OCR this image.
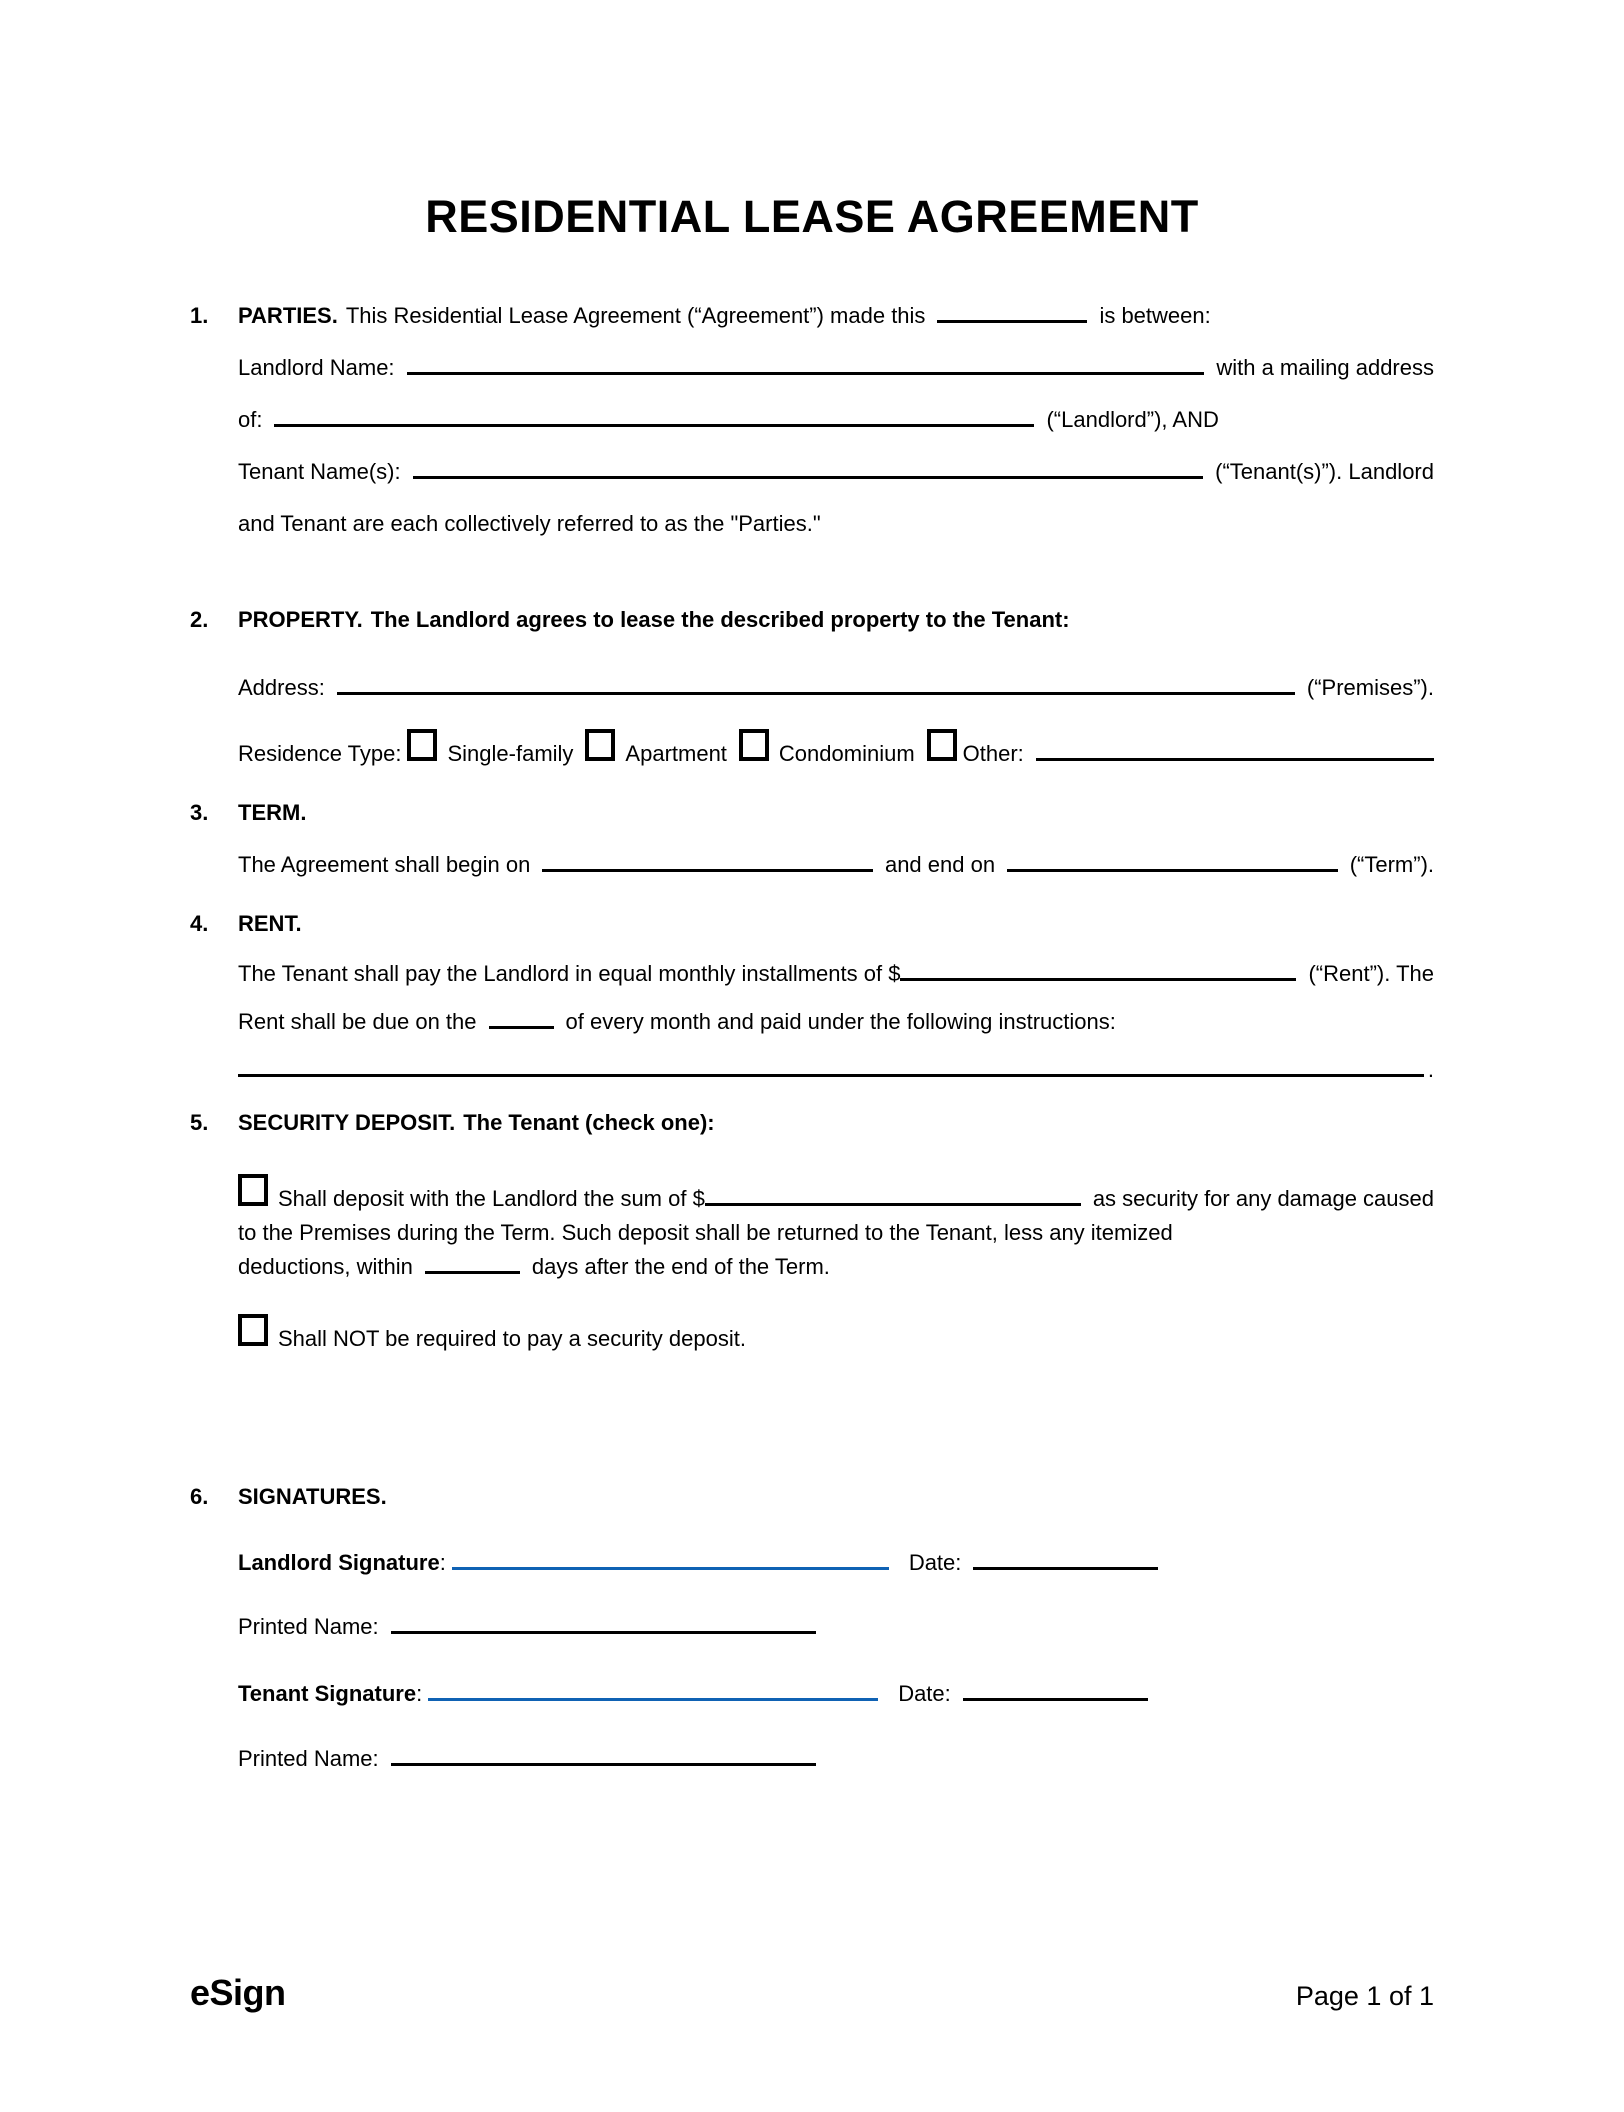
RESIDENTIAL LEASE AGREEMENT
1.	PARTIES. This Residential Lease Agreement (“Agreement”) made this	is between:
Landlord Name:	with a mailing address
of:	(“Landlord”), AND
Tenant Name(s):	(“Tenant(s)”). Landlord
and Tenant are each collectively referred to as the "Parties."
2.	PROPERTY. The Landlord agrees to lease the described property to the Tenant:
Address:	(“Premises”).
Residence Type: Single-family Apartment Condominium Other:
3.	TERM.
The Agreement shall begin on	and end on	(“Term”).
4.	RENT.
The Tenant shall pay the Landlord in equal monthly installments of $	(“Rent”). The
Rent shall be due on the	of every month and paid under the following instructions:
.
5.	SECURITY DEPOSIT. The Tenant (check one):
Shall deposit with the Landlord the sum of $	as security for any damage caused
to the Premises during the Term. Such deposit shall be returned to the Tenant, less any itemized
deductions, within	days after the end of the Term.
Shall NOT be required to pay a security deposit.
6.	SIGNATURES.
Landlord Signature :	Date:
Printed Name:
Tenant Signature :	Date:
Printed Name:
eSign	Page 1 of 1
